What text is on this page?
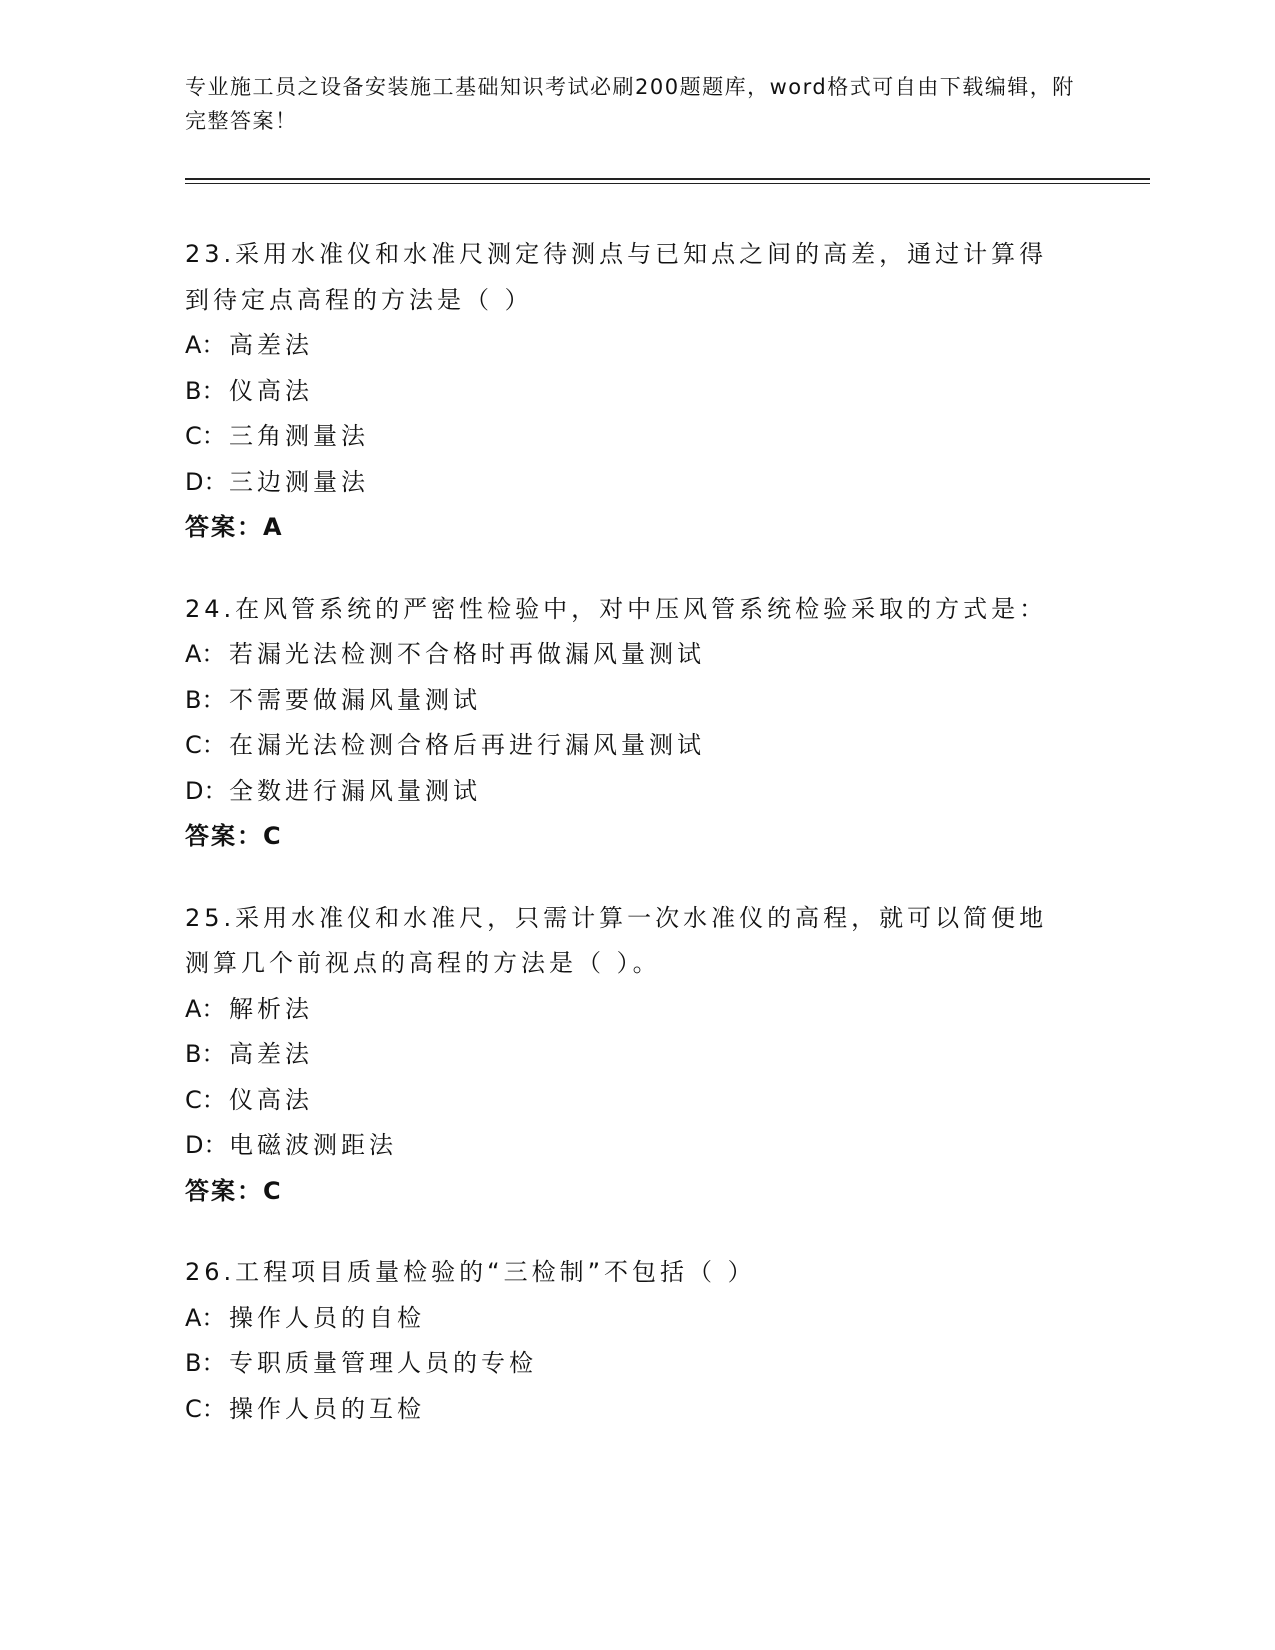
专业施工员之设备安装施工基础知识考试必刷200题题库，word格式可自由下载编辑，附完整答案！
23.采用水准仪和水准尺测定待测点与已知点之间的高差，通过计算得到待定点高程的方法是（ ）
A： 高差法
B： 仪高法
C： 三角测量法
D：三边测量法
答案：A
24.在风管系统的严密性检验中，对中压风管系统检验采取的方式是：
A： 若漏光法检测不合格时再做漏风量测试
B： 不需要做漏风量测试
C： 在漏光法检测合格后再进行漏风量测试
D：全数进行漏风量测试
答案：C
25.采用水准仪和水准尺，只需计算一次水准仪的高程，就可以简便地测算几个前视点的高程的方法是（ ）。
A： 解析法
B： 高差法
C： 仪高法
D：电磁波测距法
答案：C
26.工程项目质量检验的“三检制”不包括（ ）
A： 操作人员的自检
B： 专职质量管理人员的专检
C： 操作人员的互检
